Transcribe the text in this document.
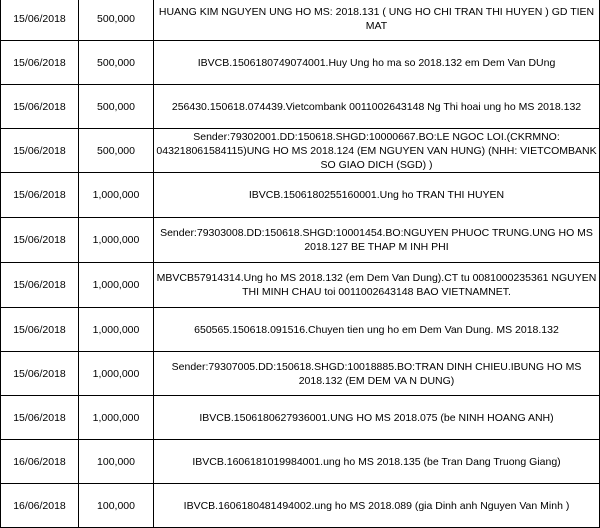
15/06/2018	500,000	HUANG KIM NGUYEN UNG HO MS: 2018.131 ( UNG HO CHI TRAN THI HUYEN ) GD TIEN MAT

15/06/2018	500,000	IBVCB.1506180749074001.Huy Ung ho ma so 2018.132 em Dem Van DUng

15/06/2018	500,000	256430.150618.074439.Vietcombank 0011002643148 Ng Thi hoai ung ho MS 2018.132

15/06/2018	500,000	Sender:79302001.DD:150618.SHGD:10000667.BO:LE NGOC LOI.(CKRMNO: 043218061584115)UNG HO MS 2018.124 (EM NGUYEN VAN HUNG) (NHH: VIETCOMBANK SO GIAO DICH (SGD) )

15/06/2018	1,000,000	IBVCB.1506180255160001.Ung ho TRAN THI HUYEN

15/06/2018	1,000,000	Sender:79303008.DD:150618.SHGD:10001454.BO:NGUYEN PHUOC TRUNG.UNG HO MS 2018.127 BE THAP M INH PHI

15/06/2018	1,000,000	MBVCB57914314.Ung ho MS 2018.132 (em Dem Van Dung).CT tu 0081000235361 NGUYEN THI MINH CHAU toi 0011002643148 BAO VIETNAMNET.

15/06/2018	1,000,000	650565.150618.091516.Chuyen tien ung ho em Dem Van Dung. MS 2018.132

15/06/2018	1,000,000	Sender:79307005.DD:150618.SHGD:10018885.BO:TRAN DINH CHIEU.IBUNG HO MS 2018.132 (EM DEM VA N DUNG)

15/06/2018	1,000,000	IBVCB.1506180627936001.UNG HO MS 2018.075 (be NINH HOANG ANH)

16/06/2018	100,000	IBVCB.1606181019984001.ung ho MS 2018.135 (be Tran Dang Truong Giang)

16/06/2018	100,000	IBVCB.1606180481494002.ung ho MS 2018.089 (gia Dinh anh Nguyen Van Minh )
